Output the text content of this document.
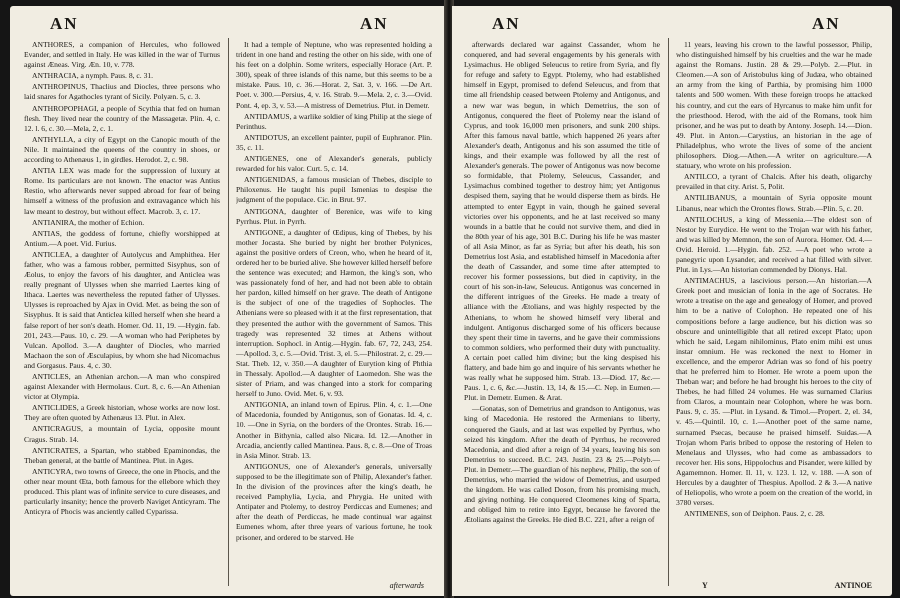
AN	AN

ANTHORES, a companion of Hercules, who followed Evander, and settled in Italy. He was killed in the war of Turnus against Æneas. Virg. Æn. 10, v. 778.

ANTHRACIA, a nymph. Paus. 8, c. 31.

ANTHROPINUS, Thaclius and Diocles, three persons who laid snares for Agathocles tyrant of Sicily. Polyæn. 5, c. 3.

ANTHROPOPHAGI, a people of Scythia that fed on human flesh. They lived near the country of the Massagetæ. Plin. 4, c. 12. l. 6, c. 30.—Mela, 2, c. 1.

ANTHYLLA, a city of Egypt on the Canopic mouth of the Nile. It maintained the queens of the country in shoes, or according to Athenæus 1, in girdles. Herodot. 2, c. 98.

ANTIA LEX was made for the suppression of luxury at Rome. Its particulars are not known. The enactor was Antius Restio, who afterwards never supped abroad for fear of being himself a witness of the profusion and extravagance which his law meant to destroy, but without effect. Macrob. 3, c. 17.

ANTIANIRA, the mother of Echion.

ANTIAS, the goddess of fortune, chiefly worshipped at Antium.—A poet. Vid. Furius.

ANTICLEA, a daughter of Autolycus and Amphithea. Her father, who was a famous robber, permitted Sisyphus, son of Æolus, to enjoy the favors of his daughter, and Anticlea was really pregnant of Ulysses when she married Laertes king of Ithaca. Laertes was nevertheless the reputed father of Ulysses. Ulysses is reproached by Ajax in Ovid. Met. as being the son of Sisyphus. It is said that Anticlea killed herself when she heard a false report of her son's death. Homer. Od. 11, 19. —Hygin. fab. 201, 243.—Paus. 10, c. 29. —A woman who had Periphetes by Vulcan. Apollod. 3.—A daughter of Diocles, who married Machaon the son of Æsculapius, by whom she had Nicomachus and Gorgasus. Paus. 4, c. 30.

ANTICLES, an Athenian archon.—A man who conspired against Alexander with Hermolaus. Curt. 8, c. 6.—An Athenian victor at Olympia.

ANTICLIDES, a Greek historian, whose works are now lost. They are often quoted by Athenæus 13. Plut. in Alex.

ANTICRAGUS, a mountain of Lycia, opposite mount Cragus. Strab. 14.

ANTICRATES, a Spartan, who stabbed Epaminondas, the Theban general, at the battle of Mantinea. Plut. in Ages.

ANTICYRA, two towns of Greece, the one in Phocis, and the other near mount Œta, both famous for the ellebore which they produced. This plant was of infinite service to cure diseases, and particularly insanity; hence the proverb Naviget Anticyram. The Anticyra of Phocis was anciently called Cyparissa.

It had a temple of Neptune, who was represented holding a trident in one hand and resting the other on his side, with one of his feet on a dolphin. Some writers, especially Horace (Art. P. 300), speak of three islands of this name, but this seems to be a mistake. Paus. 10, c. 36.—Horat. 2, Sat. 3, v. 166. —De Art. Poet. v. 300.—Persius, 4, v. 16. Strab. 9.—Mela. 2, c. 3.—Ovid. Pont. 4, ep. 3, v. 53.—A mistress of Demetrius. Plut. in Demetr.

ANTIDAMUS, a warlike soldier of king Philip at the siege of Perinthus.

ANTIDOTUS, an excellent painter, pupil of Euphranor. Plin. 35, c. 11.

ANTIGENES, one of Alexander's generals, publicly rewarded for his valor. Curt. 5, c. 14.

ANTIGENIDAS, a famous musician of Thebes, disciple to Philoxenus. He taught his pupil Ismenias to despise the judgment of the populace. Cic. in Brut. 97.

ANTIGONA, daughter of Berenice, was wife to king Pyrrhus. Plut. in Pyrrh.

ANTIGONE, a daughter of Œdipus, king of Thebes, by his mother Jocasta. She buried by night her brother Polynices, against the positive orders of Creon, who, when he heard of it, ordered her to be buried alive. She however killed herself before the sentence was executed; and Hæmon, the king's son, who was passionately fond of her, and had not been able to obtain her pardon, killed himself on her grave. The death of Antigone is the subject of one of the tragedies of Sophocles. The Athenians were so pleased with it at the first representation, that they presented the author with the government of Samos. This tragedy was represented 32 times at Athens without interruption. Sophocl. in Antig.—Hygin. fab. 67, 72, 243, 254.—Apollod. 3, c. 5.—Ovid. Trist. 3, el. 5.—Philostrat. 2, c. 29.—Stat. Theb. 12, v. 350.—A daughter of Eurytion king of Phthia in Thessaly. Apollod.—A daughter of Laomedon. She was the sister of Priam, and was changed into a stork for comparing herself to Juno. Ovid. Met. 6, v. 93.

ANTIGONIA, an inland town of Epirus. Plin. 4, c. 1.—One of Macedonia, founded by Antigonus, son of Gonatas. Id. 4, c. 10. —One in Syria, on the borders of the Orontes. Strab. 16.—Another in Bithynia, called also Nicæa. Id. 12.—Another in Arcadia, anciently called Mantinea. Paus. 8, c. 8.—One of Troas in Asia Minor. Strab. 13.

ANTIGONUS, one of Alexander's generals, universally supposed to be the illegitimate son of Philip, Alexander's father. In the division of the provinces after the king's death, he received Pamphylia, Lycia, and Phrygia. He united with Antipater and Ptolemy, to destroy Perdiccas and Eumenes; and after the death of Perdiccas, he made continual war against Eumenes whom, after three years of various fortune, he took prisoner, and ordered to be starved. He

afterwards
AN	AN

afterwards declared war against Cassander, whom he conquered, and had several engagements by his generals with Lysimachus. He obliged Seleucus to retire from Syria, and fly for refuge and safety to Egypt. Ptolemy, who had established himself in Egypt, promised to defend Seleucus, and from that time all friendship ceased between Ptolemy and Antigonus, and a new war was begun, in which Demetrius, the son of Antigonus, conquered the fleet of Ptolemy near the island of Cyprus, and took 16,000 men prisoners, and sunk 200 ships. After this famous naval battle, which happened 26 years after Alexander's death, Antigonus and his son assumed the title of kings, and their example was followed by all the rest of Alexander's generals. The power of Antigonus was now become so formidable, that Ptolemy, Seleucus, Cassander, and Lysimachus combined together to destroy him; yet Antigonus despised them, saying that he would disperse them as birds. He attempted to enter Egypt in vain, though he gained several victories over his opponents, and he at last received so many wounds in a battle that he could not survive them, and died in the 80th year of his age, 301 B.C. During his life he was master of all Asia Minor, as far as Syria; but after his death, his son Demetrius lost Asia, and established himself in Macedonia after the death of Cassander, and some time after attempted to recover his former possessions, but died in captivity, in the court of his son-in-law, Seleucus. Antigonus was concerned in the different intrigues of the Greeks. He made a treaty of alliance with the Ætolians, and was highly respected by the Athenians, to whom he showed himself very liberal and indulgent. Antigonus discharged some of his officers because they spent their time in taverns, and he gave their commissions to common soldiers, who performed their duty with punctuality. A certain poet called him divine; but the king despised his flattery, and bade him go and inquire of his servants whether he was really what he supposed him. Strab. 13.—Diod. 17, &c.—Paus. 1, c. 6, &c.—Justin. 13, 14, & 15.—C. Nep. in Eumen.—Plut. in Demetr. Eumen. & Arat.

—Gonatas, son of Demetrius and grandson to Antigonus, was king of Macedonia. He restored the Armenians to liberty, conquered the Gauls, and at last was expelled by Pyrrhus, who seized his kingdom. After the death of Pyrrhus, he recovered Macedonia, and died after a reign of 34 years, leaving his son Demetrius to succeed. B.C. 243. Justin. 23 & 25.—Polyb.—Plut. in Demetr.—The guardian of his nephew, Philip, the son of Demetrius, who married the widow of Demetrius, and usurped the kingdom. He was called Doson, from his promising much, and giving nothing. He conquered Cleomenes king of Sparta, and obliged him to retire into Egypt, because he favored the Ætolians against the Greeks. He died B.C. 221, after a reign of

11 years, leaving his crown to the lawful possessor, Philip, who distinguished himself by his cruelties and the war he made against the Romans. Justin. 28 & 29.—Polyb. 2.—Plut. in Cleomen.—A son of Aristobulus king of Judæa, who obtained an army from the king of Parthia, by promising him 1000 talents and 500 women. With these foreign troops he attacked his country, and cut the ears of Hyrcanus to make him unfit for the priesthood. Herod, with the aid of the Romans, took him prisoner, and he was put to death by Antony. Joseph. 14.—Dion. 49. Plut. in Anton.—Carystius, an historian in the age of Philadelphus, who wrote the lives of some of the ancient philosophers. Diog.—Athen.—A writer on agriculture.—A statuary, who wrote on his profession.

ANTILCO, a tyrant of Chalcis. After his death, oligarchy prevailed in that city. Arist. 5, Polit.

ANTILIBANUS, a mountain of Syria opposite mount Libanus, near which the Orontes flows. Strab.—Plin. 5, c. 20.

ANTILOCHUS, a king of Messenia.—The eldest son of Nestor by Eurydice. He went to the Trojan war with his father, and was killed by Memnon, the son of Aurora. Homer. Od. 4.—Ovid. Heroid. 1.—Hygin. fab. 252. —A poet who wrote a panegyric upon Lysander, and received a hat filled with silver. Plut. in Lys.—An historian commended by Dionys. Hal.

ANTIMACHUS, a lascivious person.—An historian.—A Greek poet and musician of Ionia in the age of Socrates. He wrote a treatise on the age and genealogy of Homer, and proved him to be a native of Colophon. He repeated one of his compositions before a large audience, but his diction was so obscure and unintelligible that all retired except Plato; upon which he said, Legam nihilominus, Plato enim mihi est unus instar omnium. He was reckoned the next to Homer in excellence, and the emperor Adrian was so fond of his poetry that he preferred him to Homer. He wrote a poem upon the Theban war; and before he had brought his heroes to the city of Thebes, he had filled 24 volumes. He was surnamed Clarius from Claros, a mountain near Colophon, where he was born. Paus. 9, c. 35. —Plut. in Lysand. & Timol.—Propert. 2, el. 34, v. 45.—Quintil. 10, c. 1.—Another poet of the same name, surnamed Psecas, because he praised himself. Suidas.—A Trojan whom Paris bribed to oppose the restoring of Helen to Menelaus and Ulysses, who had come as ambassadors to recover her. His sons, Hippolochus and Pisander, were killed by Agamemnon. Homer. Il. 11, v. 123. l. 12, v. 188. —A son of Hercules by a daughter of Thespius. Apollod. 2 & 3.—A native of Heliopolis, who wrote a poem on the creation of the world, in 3780 verses.

ANTIMENES, son of Deiphon. Paus. 2, c. 28.

Y	ANTINOE
